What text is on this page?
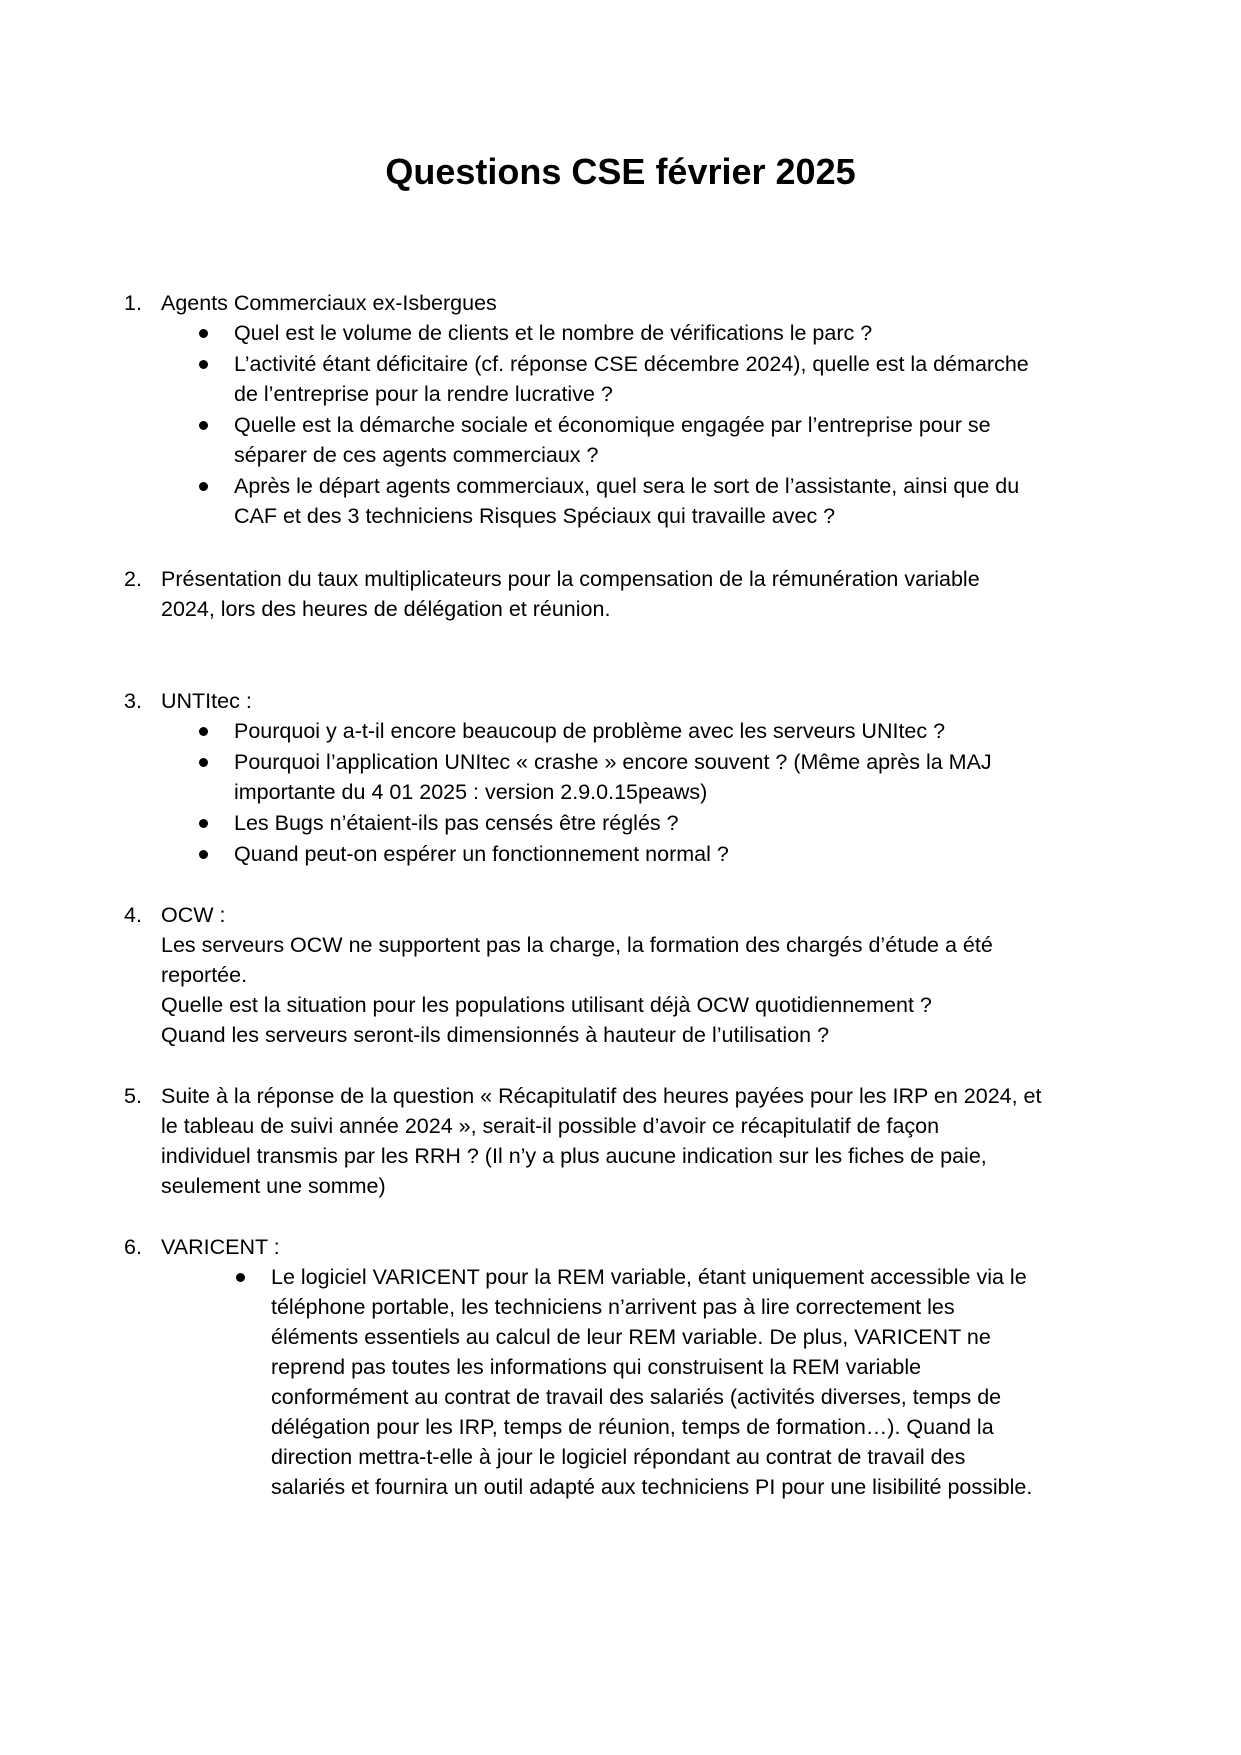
Questions CSE février 2025
1. Agents Commerciaux ex-Isbergues
Quel est le volume de clients et le nombre de vérifications le parc ?
L’activité étant déficitaire (cf. réponse CSE décembre 2024), quelle est la démarche
de l’entreprise pour la rendre lucrative ?
Quelle est la démarche sociale et économique engagée par l’entreprise pour se
séparer de ces agents commerciaux ?
Après le départ agents commerciaux, quel sera le sort de l’assistante, ainsi que du
CAF et des 3 techniciens Risques Spéciaux qui travaille avec ?
2. Présentation du taux multiplicateurs pour la compensation de la rémunération variable
2024, lors des heures de délégation et réunion.
3. UNTItec :
Pourquoi y a-t-il encore beaucoup de problème avec les serveurs UNItec ?
Pourquoi l’application UNItec « crashe » encore souvent ? (Même après la MAJ
importante du 4 01 2025 : version 2.9.0.15peaws)
Les Bugs n’étaient-ils pas censés être réglés ?
Quand peut-on espérer un fonctionnement normal ?
4. OCW :
Les serveurs OCW ne supportent pas la charge, la formation des chargés d’étude a été
reportée.
Quelle est la situation pour les populations utilisant déjà OCW quotidiennement ?
Quand les serveurs seront-ils dimensionnés à hauteur de l’utilisation ?
5. Suite à la réponse de la question « Récapitulatif des heures payées pour les IRP en 2024, et
le tableau de suivi année 2024 », serait-il possible d’avoir ce récapitulatif de façon
individuel transmis par les RRH ? (Il n’y a plus aucune indication sur les fiches de paie,
seulement une somme)
6. VARICENT :
Le logiciel VARICENT pour la REM variable, étant uniquement accessible via le
téléphone portable, les techniciens n’arrivent pas à lire correctement les
éléments essentiels au calcul de leur REM variable. De plus, VARICENT ne
reprend pas toutes les informations qui construisent la REM variable
conformément au contrat de travail des salariés (activités diverses, temps de
délégation pour les IRP, temps de réunion, temps de formation…). Quand la
direction mettra-t-elle à jour le logiciel répondant au contrat de travail des
salariés et fournira un outil adapté aux techniciens PI pour une lisibilité possible.
